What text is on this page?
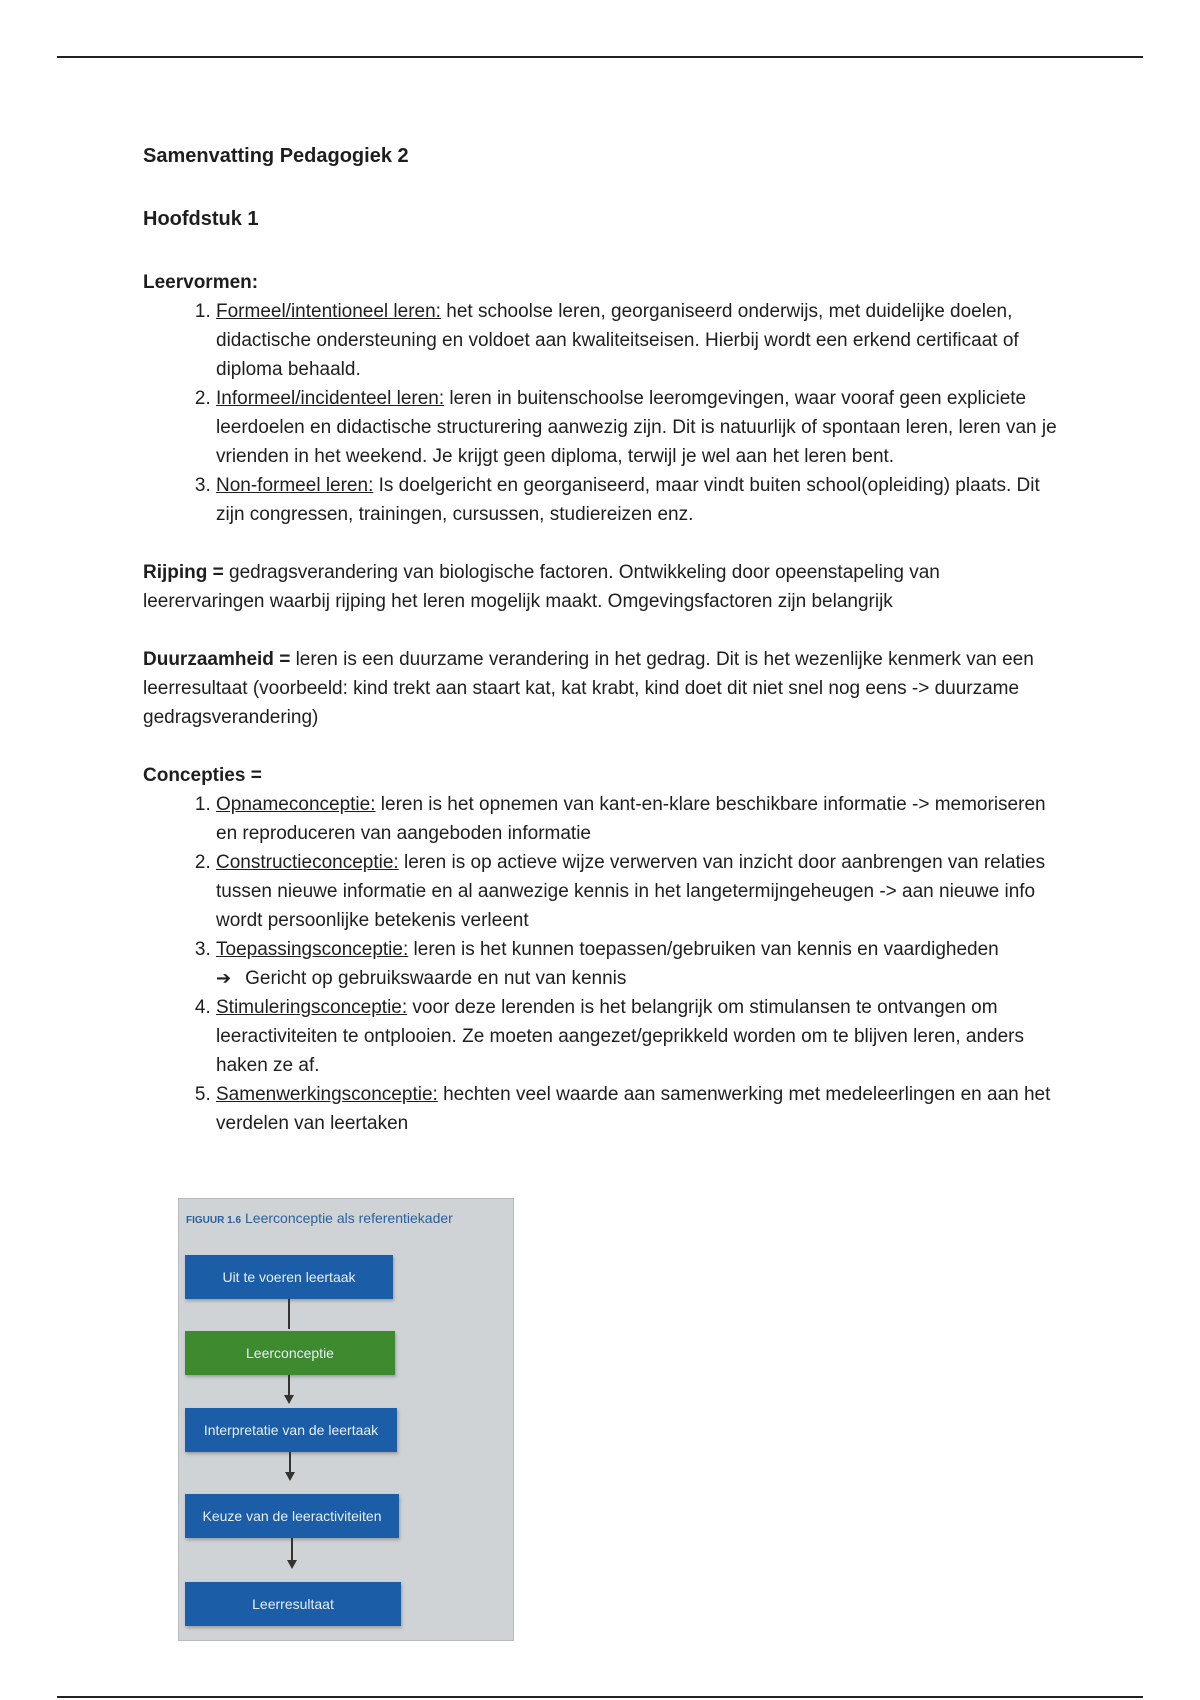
Samenvatting Pedagogiek 2
Hoofdstuk 1
Leervormen:
1. Formeel/intentioneel leren: het schoolse leren, georganiseerd onderwijs, met duidelijke doelen, didactische ondersteuning en voldoet aan kwaliteitseisen. Hierbij wordt een erkend certificaat of diploma behaald.
2. Informeel/incidenteel leren: leren in buitenschoolse leeromgevingen, waar vooraf geen expliciete leerdoelen en didactische structurering aanwezig zijn. Dit is natuurlijk of spontaan leren, leren van je vrienden in het weekend. Je krijgt geen diploma, terwijl je wel aan het leren bent.
3. Non-formeel leren: Is doelgericht en georganiseerd, maar vindt buiten school(opleiding) plaats. Dit zijn congressen, trainingen, cursussen, studiereizen enz.

Rijping = gedragsverandering van biologische factoren. Ontwikkeling door opeenstapeling van leerervaringen waarbij rijping het leren mogelijk maakt. Omgevingsfactoren zijn belangrijk

Duurzaamheid = leren is een duurzame verandering in het gedrag. Dit is het wezenlijke kenmerk van een leerresultaat (voorbeeld: kind trekt aan staart kat, kat krabt, kind doet dit niet snel nog eens -> duurzame gedragsverandering)

Concepties =
1. Opnameconceptie: leren is het opnemen van kant-en-klare beschikbare informatie -> memoriseren en reproduceren van aangeboden informatie
2. Constructieconceptie: leren is op actieve wijze verwerven van inzicht door aanbrengen van relaties tussen nieuwe informatie en al aanwezige kennis in het langetermijngeheugen -> aan nieuwe info wordt persoonlijke betekenis verleent
3. Toepassingsconceptie: leren is het kunnen toepassen/gebruiken van kennis en vaardigheden
➔ Gericht op gebruikswaarde en nut van kennis
4. Stimuleringsconceptie: voor deze lerenden is het belangrijk om stimulansen te ontvangen om leeractiviteiten te ontplooien. Ze moeten aangezet/geprikkeld worden om te blijven leren, anders haken ze af.
5. Samenwerkingsconceptie: hechten veel waarde aan samenwerking met medeleerlingen en aan het verdelen van leertaken
FIGUUR 1.6 Leerconceptie als referentiekader
Uit te voeren leertaak
Leerconceptie
Interpretatie van de leertaak
Keuze van de leeractiviteiten
Leerresultaat
